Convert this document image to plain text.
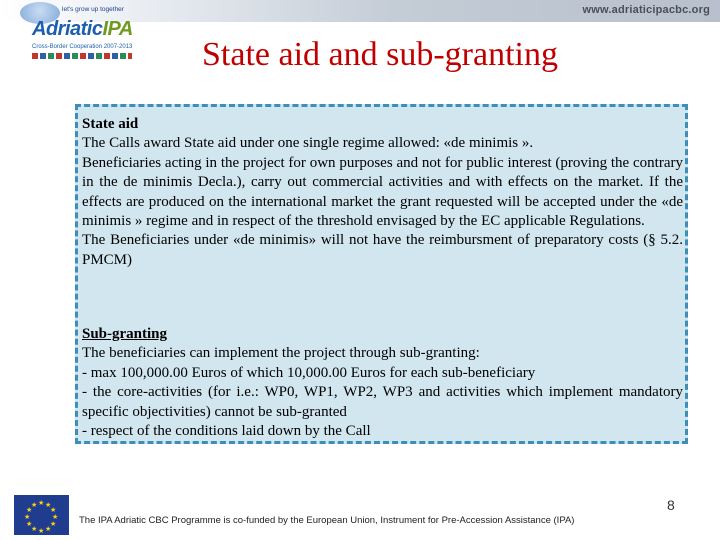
www.adriaticipacbc.org
let's grow up together
AdriaticIPA
Cross-Border Cooperation 2007-2013	State aid and sub-granting

State aid

The Calls award State aid under one single regime allowed: «de minimis ».

Beneficiaries acting in the project for own purposes and not for public interest (proving the contrary in the de minimis Decla.), carry out commercial activities and with effects on the market. If the effects are produced on the international market the grant requested will be accepted under the «de minimis » regime and in respect of the threshold envisaged by the EC applicable Regulations.

The Beneficiaries under «de minimis» will not have the reimbursment of preparatory costs (§ 5.2. PMCM)

Sub-granting

The beneficiaries can implement the project through sub-granting:

- max 100,000.00 Euros of which 10,000.00 Euros for each sub-beneficiary

- the core-activities (for i.e.: WP0, WP1, WP2, WP3 and activities which implement mandatory specific objectivities) cannot be sub-granted

- respect of the conditions laid down by the Call

★ ★
★
★
★
★
★
★
★
★
★
★	8
The IPA Adriatic CBC Programme is co-funded by the European Union, Instrument for Pre-Accession Assistance (IPA)
